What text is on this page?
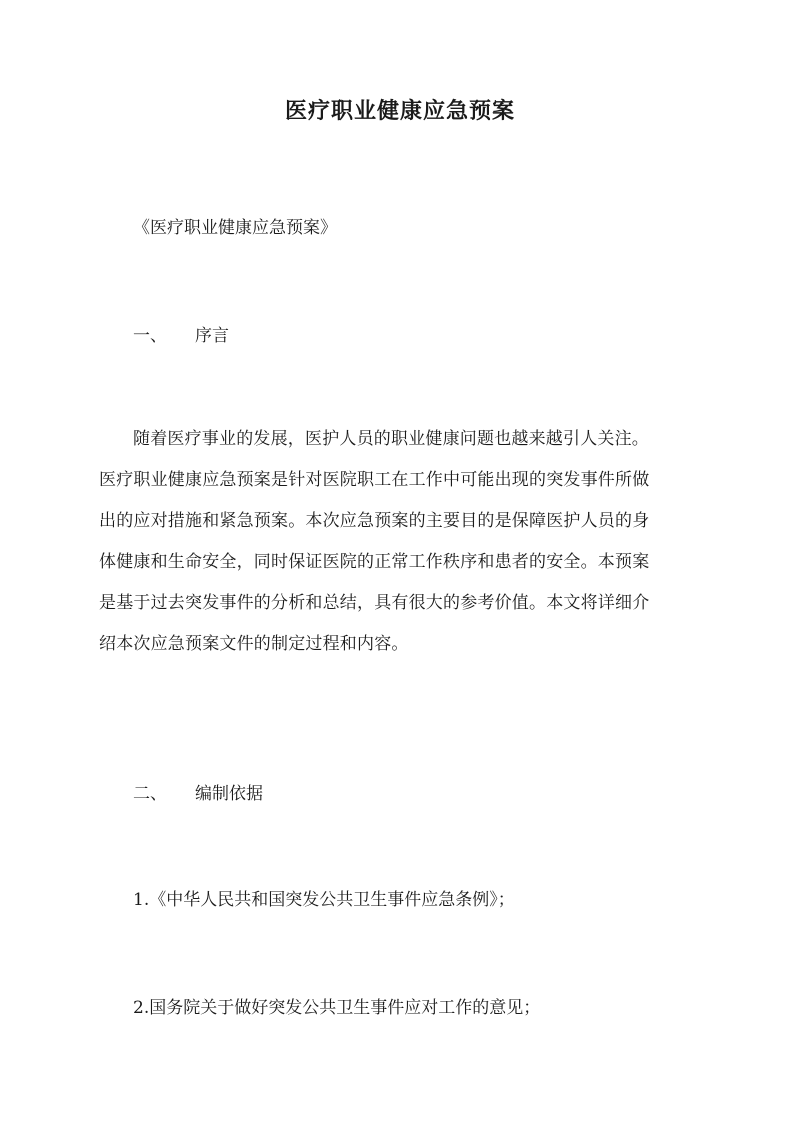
医疗职业健康应急预案
《医疗职业健康应急预案》
一、 序言
随着医疗事业的发展，医护人员的职业健康问题也越来越引人关注。
医疗职业健康应急预案是针对医院职工在工作中可能出现的突发事件所做
出的应对措施和紧急预案。本次应急预案的主要目的是保障医护人员的身
体健康和生命安全，同时保证医院的正常工作秩序和患者的安全。本预案
是基于过去突发事件的分析和总结，具有很大的参考价值。本文将详细介
绍本次应急预案文件的制定过程和内容。
二、 编制依据
1.《中华人民共和国突发公共卫生事件应急条例》；
2.国务院关于做好突发公共卫生事件应对工作的意见；
